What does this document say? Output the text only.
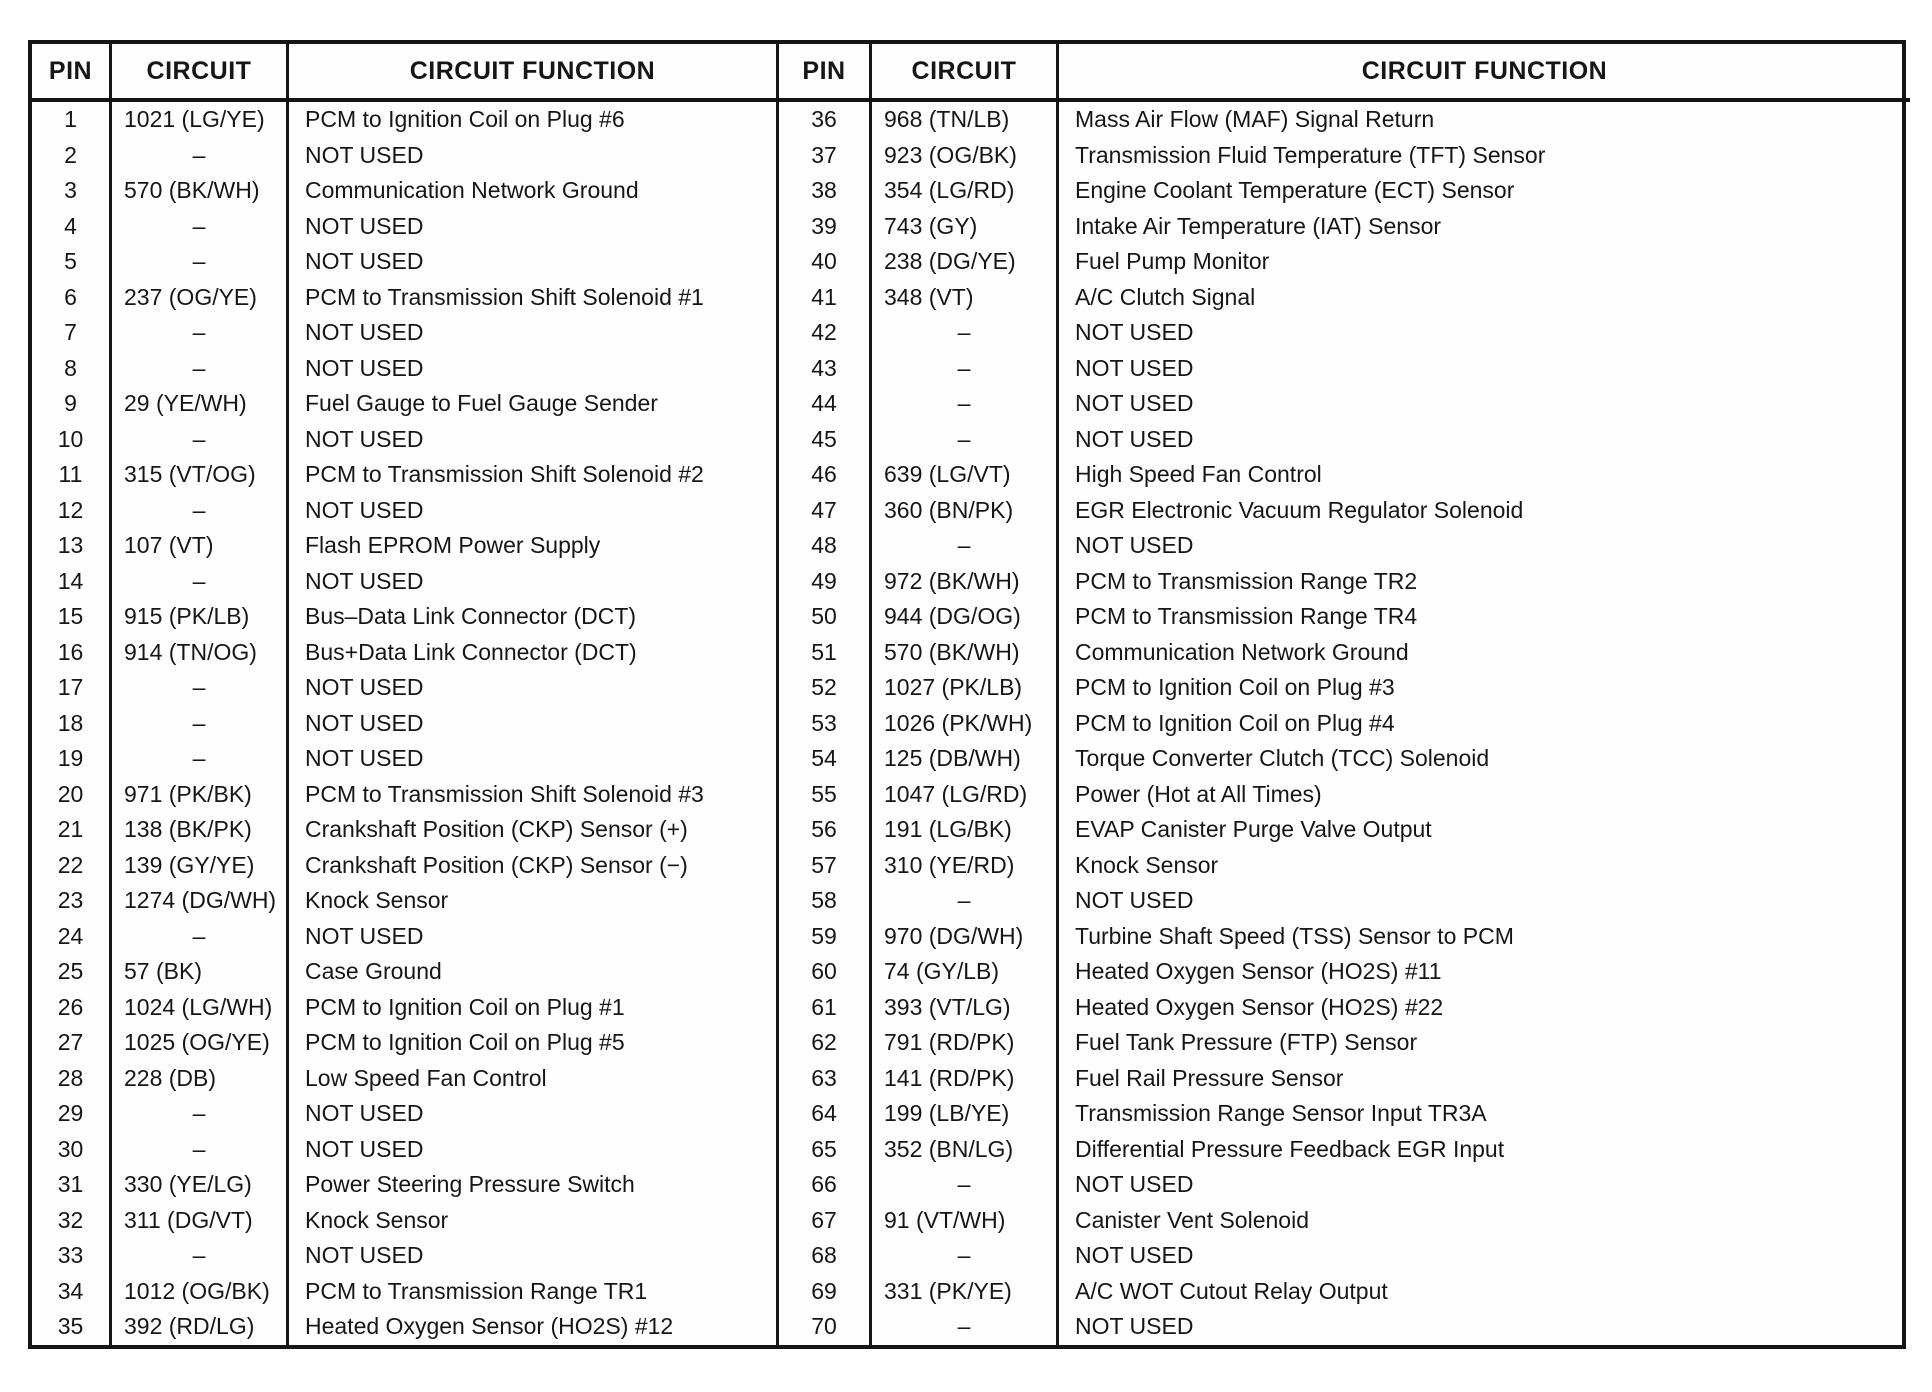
PIN	CIRCUIT	CIRCUIT FUNCTION	PIN	CIRCUIT	CIRCUIT FUNCTION
1	1021 (LG/YE)	PCM to Ignition Coil on Plug #6	36	968 (TN/LB)	Mass Air Flow (MAF) Signal Return
2	–	NOT USED	37	923 (OG/BK)	Transmission Fluid Temperature (TFT) Sensor
3	570 (BK/WH)	Communication Network Ground	38	354 (LG/RD)	Engine Coolant Temperature (ECT) Sensor
4	–	NOT USED	39	743 (GY)	Intake Air Temperature (IAT) Sensor
5	–	NOT USED	40	238 (DG/YE)	Fuel Pump Monitor
6	237 (OG/YE)	PCM to Transmission Shift Solenoid #1	41	348 (VT)	A/C Clutch Signal
7	–	NOT USED	42	–	NOT USED
8	–	NOT USED	43	–	NOT USED
9	29 (YE/WH)	Fuel Gauge to Fuel Gauge Sender	44	–	NOT USED
10	–	NOT USED	45	–	NOT USED
11	315 (VT/OG)	PCM to Transmission Shift Solenoid #2	46	639 (LG/VT)	High Speed Fan Control
12	–	NOT USED	47	360 (BN/PK)	EGR Electronic Vacuum Regulator Solenoid
13	107 (VT)	Flash EPROM Power Supply	48	–	NOT USED
14	–	NOT USED	49	972 (BK/WH)	PCM to Transmission Range TR2
15	915 (PK/LB)	Bus–Data Link Connector (DCT)	50	944 (DG/OG)	PCM to Transmission Range TR4
16	914 (TN/OG)	Bus+Data Link Connector (DCT)	51	570 (BK/WH)	Communication Network Ground
17	–	NOT USED	52	1027 (PK/LB)	PCM to Ignition Coil on Plug #3
18	–	NOT USED	53	1026 (PK/WH)	PCM to Ignition Coil on Plug #4
19	–	NOT USED	54	125 (DB/WH)	Torque Converter Clutch (TCC) Solenoid
20	971 (PK/BK)	PCM to Transmission Shift Solenoid #3	55	1047 (LG/RD)	Power (Hot at All Times)
21	138 (BK/PK)	Crankshaft Position (CKP) Sensor (+)	56	191 (LG/BK)	EVAP Canister Purge Valve Output
22	139 (GY/YE)	Crankshaft Position (CKP) Sensor (−)	57	310 (YE/RD)	Knock Sensor
23	1274 (DG/WH)	Knock Sensor	58	–	NOT USED
24	–	NOT USED	59	970 (DG/WH)	Turbine Shaft Speed (TSS) Sensor to PCM
25	57 (BK)	Case Ground	60	74 (GY/LB)	Heated Oxygen Sensor (HO2S) #11
26	1024 (LG/WH)	PCM to Ignition Coil on Plug #1	61	393 (VT/LG)	Heated Oxygen Sensor (HO2S) #22
27	1025 (OG/YE)	PCM to Ignition Coil on Plug #5	62	791 (RD/PK)	Fuel Tank Pressure (FTP) Sensor
28	228 (DB)	Low Speed Fan Control	63	141 (RD/PK)	Fuel Rail Pressure Sensor
29	–	NOT USED	64	199 (LB/YE)	Transmission Range Sensor Input TR3A
30	–	NOT USED	65	352 (BN/LG)	Differential Pressure Feedback EGR Input
31	330 (YE/LG)	Power Steering Pressure Switch	66	–	NOT USED
32	311 (DG/VT)	Knock Sensor	67	91 (VT/WH)	Canister Vent Solenoid
33	–	NOT USED	68	–	NOT USED
34	1012 (OG/BK)	PCM to Transmission Range TR1	69	331 (PK/YE)	A/C WOT Cutout Relay Output
35	392 (RD/LG)	Heated Oxygen Sensor (HO2S) #12	70	–	NOT USED
